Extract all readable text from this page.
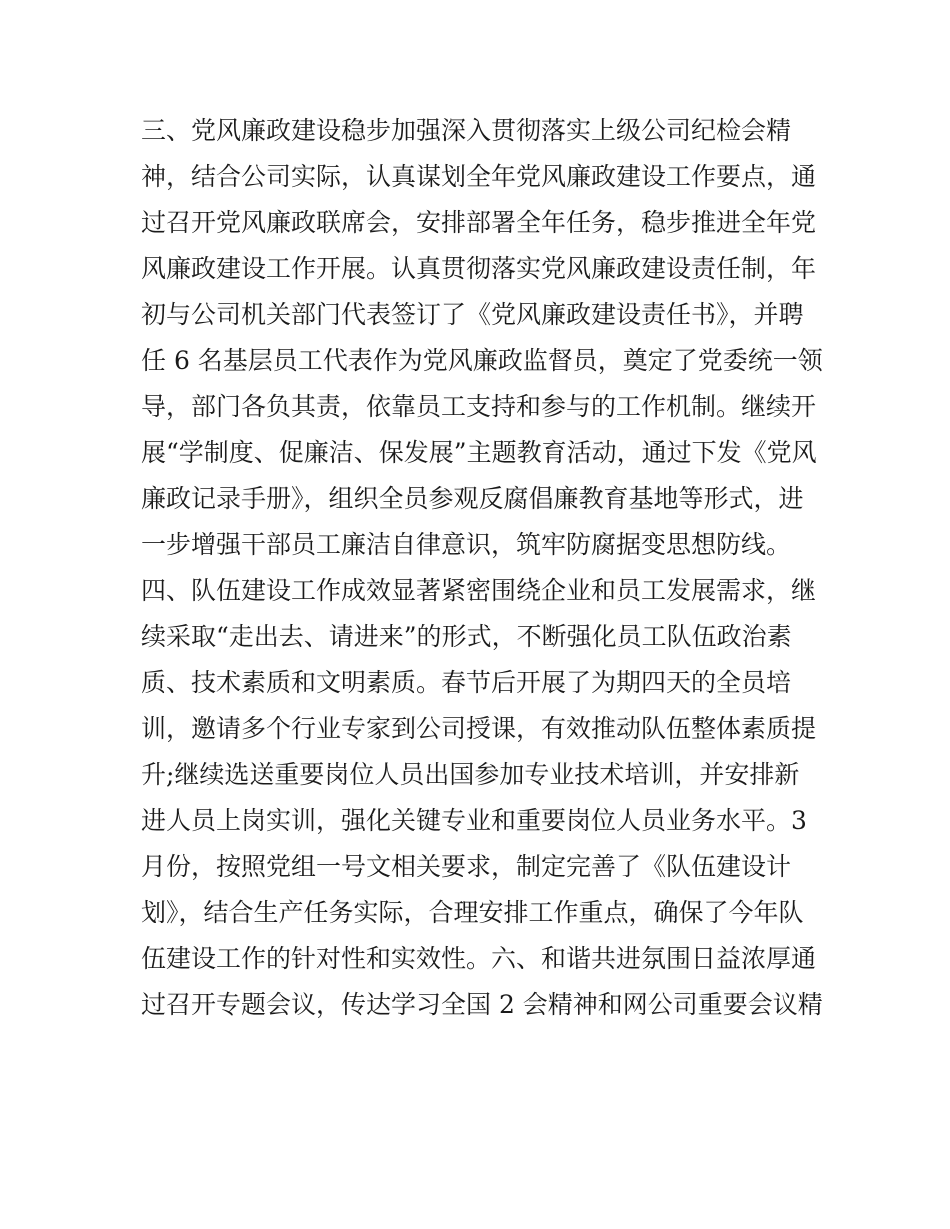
三、党风廉政建设稳步加强深入贯彻落实上级公司纪检会精
神，结合公司实际，认真谋划全年党风廉政建设工作要点，通
过召开党风廉政联席会，安排部署全年任务，稳步推进全年党
风廉政建设工作开展。认真贯彻落实党风廉政建设责任制，年
初与公司机关部门代表签订了《党风廉政建设责任书》，并聘
任 6 名基层员工代表作为党风廉政监督员，奠定了党委统一领
导，部门各负其责，依靠员工支持和参与的工作机制。继续开
展“学制度、促廉洁、保发展”主题教育活动，通过下发《党风
廉政记录手册》，组织全员参观反腐倡廉教育基地等形式，进
一步增强干部员工廉洁自律意识，筑牢防腐据变思想防线。
四、队伍建设工作成效显著紧密围绕企业和员工发展需求，继
续采取“走出去、请进来”的形式，不断强化员工队伍政治素
质、技术素质和文明素质。春节后开展了为期四天的全员培
训，邀请多个行业专家到公司授课，有效推动队伍整体素质提
升;继续选送重要岗位人员出国参加专业技术培训，并安排新
进人员上岗实训，强化关键专业和重要岗位人员业务水平。3
月份，按照党组一号文相关要求，制定完善了《队伍建设计
划》，结合生产任务实际，合理安排工作重点，确保了今年队
伍建设工作的针对性和实效性。六、和谐共进氛围日益浓厚通
过召开专题会议，传达学习全国 2 会精神和网公司重要会议精
